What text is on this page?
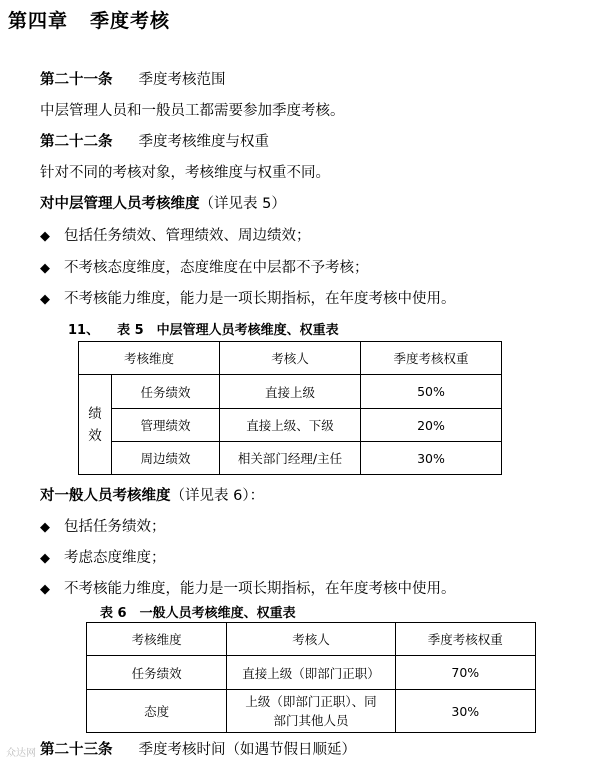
第四章 季度考核
第二十一条 季度考核范围
中层管理人员和一般员工都需要参加季度考核。
第二十二条 季度考核维度与权重
针对不同的考核对象，考核维度与权重不同。
对中层管理人员考核维度（详见表 5）
◆ 包括任务绩效、管理绩效、周边绩效；
◆ 不考核态度维度，态度维度在中层都不予考核；
◆ 不考核能力维度，能力是一项长期指标，在年度考核中使用。
11、 表 5　中层管理人员考核维度、权重表
考核维度		考核人	季度考核权重

绩效	任务绩效	直接上级	50%
	管理绩效	直接上级、下级	20%
	周边绩效	相关部门经理/主任	30%
对一般人员考核维度（详见表 6）：
◆ 包括任务绩效；
◆ 考虑态度维度；
◆ 不考核能力维度，能力是一项长期指标，在年度考核中使用。
表 6　一般人员考核维度、权重表
考核维度	考核人	季度考核权重
任务绩效	直接上级（即部门正职）	70%
态度	上级（即部门正职）、同
部门其他人员	30%
第二十三条 季度考核时间（如遇节假日顺延）
众达网
